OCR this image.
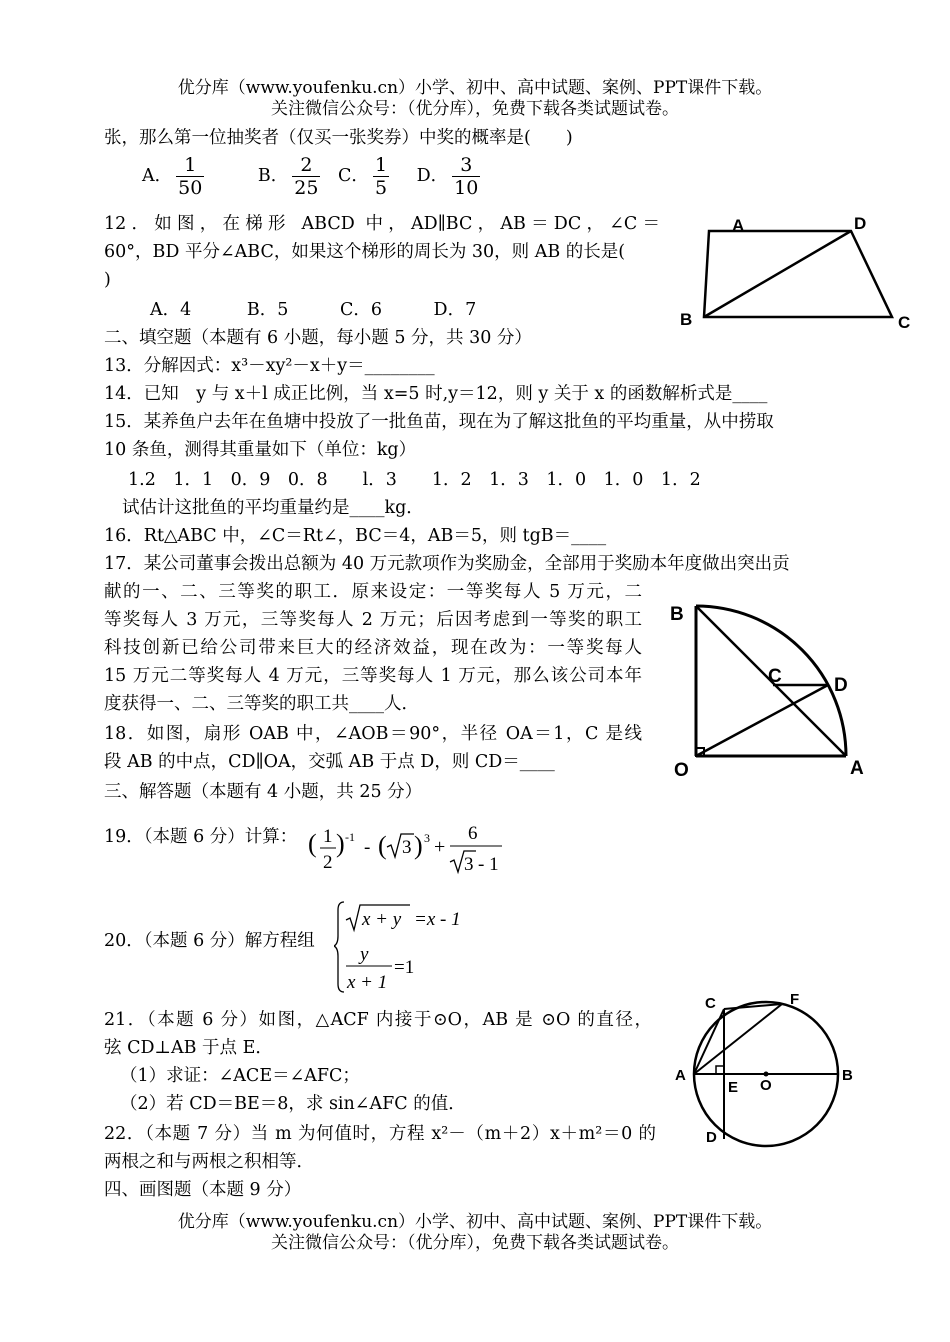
优分库（www.youfenku.cn）小学、初中、高中试题、案例、PPT课件下载。
关注微信公众号：（优分库），免费下载各类试题试卷。
张，那么第一位抽奖者（仅买一张奖券）中奖的概率是(　　)
A． $\frac{1}{50}$	B． $\frac{2}{25}$ C． $\frac{1}{5}$ D． $\frac{3}{10}$
12．如图，在梯形 ABCD 中，AD∥BC，AB＝DC，∠C＝
60°，BD 平分∠ABC，如果这个梯形的周长为 30，则 AB 的长是(
)
A．4	B．5	C．6	D．7
A	D
B	C
二、填空题（本题有 6 小题，每小题 5 分，共 30 分）
13．分解因式：x³－xy²－x＋y＝________
14．已知　y 与 x＋l 成正比例，当 x=5 时,y＝12，则 y 关于 x 的函数解析式是____
15．某养鱼户去年在鱼塘中投放了一批鱼苗，现在为了解这批鱼的平均重量，从中捞取
10 条鱼，测得其重量如下（单位：kg）
1.2　1．1　0．9　0．8　　l．3　　1．2　1．3　1．0　1．0　1．2
试估计这批鱼的平均重量约是____kg．
16．Rt△ABC 中，∠C＝Rt∠，BC＝4，AB＝5，则 tgB＝____
17．某公司董事会拨出总额为 40 万元款项作为奖励金，全部用于奖励本年度做出突出贡
献的一、二、三等奖的职工．原来设定：一等奖每人 5 万元，二
等奖每人 3 万元，三等奖每人 2 万元；后因考虑到一等奖的职工
科技创新已给公司带来巨大的经济效益，现在改为：一等奖每人
15 万元二等奖每人 4 万元，三等奖每人 1 万元，那么该公司本年
度获得一、二、三等奖的职工共____人．
18．如图，扇形 OAB 中，∠AOB＝90°，半径 OA＝1，C 是线
段 AB 的中点，CD∥OA，交弧 AB 于点 D，则 CD＝____
B
C	D
O	A
三、解答题（本题有 4 小题，共 25 分）
19．（本题 6 分）计算： ( 1
2
) -1 - ( 3 ) 3 +
6
3 - 1
20．（本题 6 分）解方程组
x + y =x - 1
y
x + 1
=1
21．（本题 6 分）如图，△ACF 内接于⊙O，AB 是 ⊙O 的直径，
弦 CD⊥AB 于点 E．
（1）求证：∠ACE＝∠AFC；
（2）若 CD＝BE＝8，求 sin∠AFC 的值．
C	F
A
E O
B
D
22．（本题 7 分）当 m 为何值时，方程 x²－（m＋2）x＋m²＝0 的
两根之和与两根之积相等．
四、画图题（本题 9 分）
优分库（www.youfenku.cn）小学、初中、高中试题、案例、PPT课件下载。
关注微信公众号：（优分库），免费下载各类试题试卷。
